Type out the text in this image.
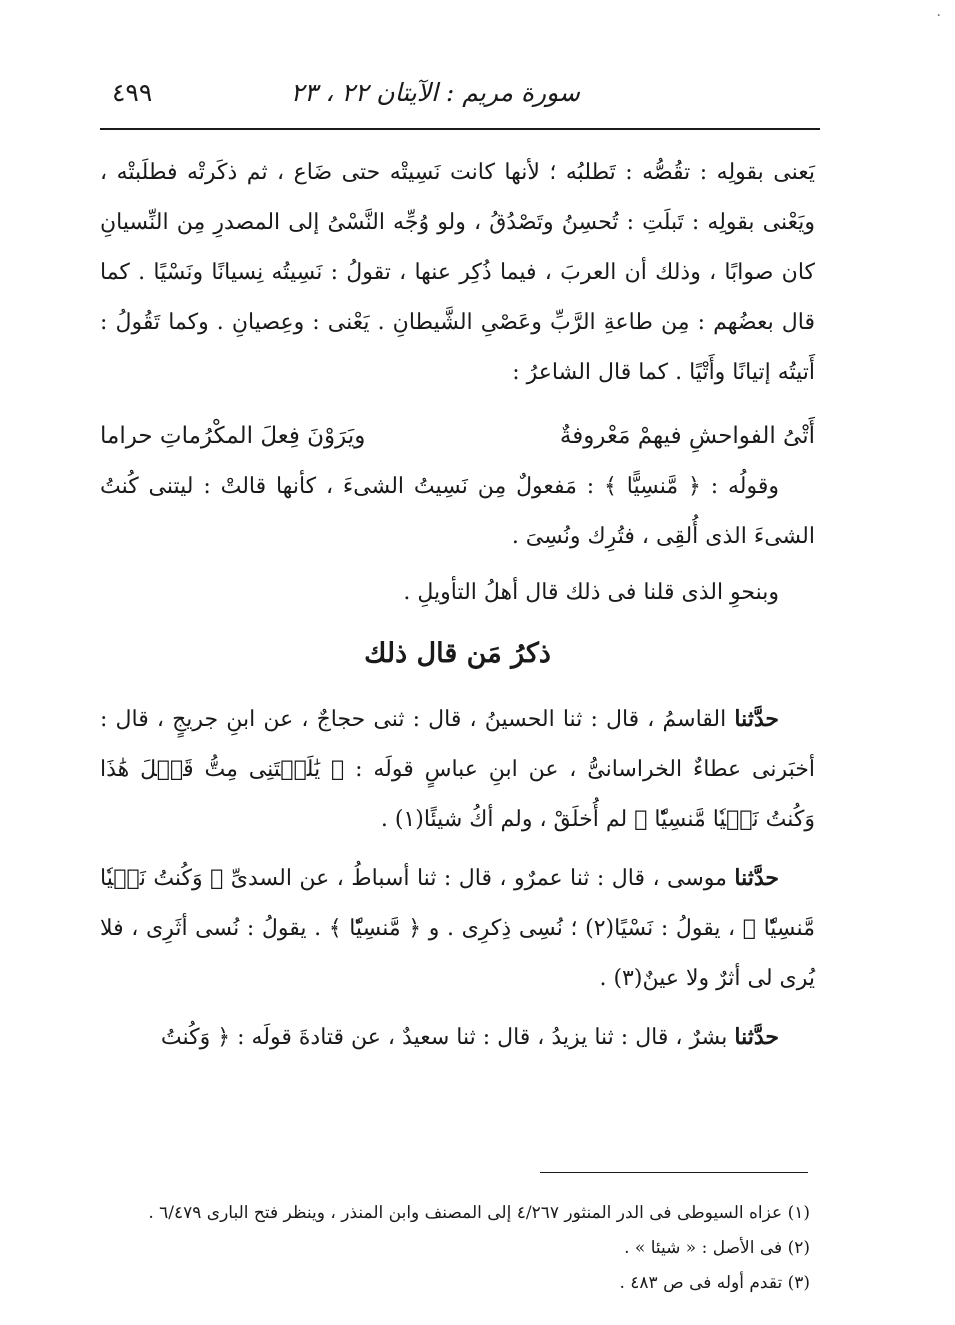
·
سورة مريم : الآيتان ٢٢ ، ٢٣
٤٩٩

يَعنى بقولِه : تقُصُّه : تَطلبُه ؛ لأنها كانت نَسِيتْه حتى ضَاع ، ثم ذكَرتْه فطلَبتْه ، ويَعْنى بقولِه : تَبلَتِ : تُحسِنُ وتَصْدُقُ ، ولو وُجِّه النَّسْىُ إلى المصدرِ مِن النِّسيانِ كان صوابًا ، وذلك أن العربَ ، فيما ذُكِر عنها ، تقولُ : نَسِيتُه نِسيانًا ونَسْيًا . كما قال بعضُهم : مِن طاعةِ الرَّبِّ وعَصْىِ الشَّيطانِ . يَعْنى : وعِصيانِ . وكما تَقُولُ : أَتيتُه إتيانًا وأَتْيًا . كما قال الشاعرُ :

أَتْىُ الفواحشِ فيهمْ مَعْروفةٌ
ويَرَوْنَ فِعلَ المكْرُماتِ حراما

وقولُه : ﴿ مَّنسِيًّا ﴾ : مَفعولٌ مِن نَسِيتُ الشىءَ ، كأنها قالتْ : ليتنى كُنتُ الشىءَ الذى أُلقِى ، فتُرِك ونُسِىَ .

وبنحوِ الذى قلنا فى ذلك قال أهلُ التأويلِ .

ذكرُ مَن قال ذلك

حدَّثنا القاسمُ ، قال : ثنا الحسينُ ، قال : ثنى حجاجٌ ، عن ابنِ جريجٍ ، قال : أخبَرنى عطاءٌ الخراسانىُّ ، عن ابنِ عباسٍ قولَه : ﴿ يَٰلَيۡتَنِى مِتُّ قَبۡلَ هَٰذَا وَكُنتُ نَسۡيٗا مَّنسِيّٗا ﴾ لم أُخلَقْ ، ولم أكُ شيئًا(١) .

حدَّثنا موسى ، قال : ثنا عمرٌو ، قال : ثنا أسباطُ ، عن السدىِّ ﴿ وَكُنتُ نَسۡيٗا مَّنسِيّٗا ﴾ ، يقولُ : نَسْيًا(٢) ؛ نُسِى ذِكرِى . و ﴿ مَّنسِيّٗا ﴾ . يقولُ : نُسى أثَرِى ، فلا يُرى لى أثرٌ ولا عينٌ(٣) .

حدَّثنا بشرٌ ، قال : ثنا يزيدُ ، قال : ثنا سعيدٌ ، عن قتادةَ قولَه : ﴿ وَكُنتُ

(١) عزاه السيوطى فى الدر المنثور ٤/٢٦٧ إلى المصنف وابن المنذر ، وينظر فتح البارى ٦/٤٧٩ .

(٢) فى الأصل : « شيئا » .

(٣) تقدم أوله فى ص ٤٨٣ .
